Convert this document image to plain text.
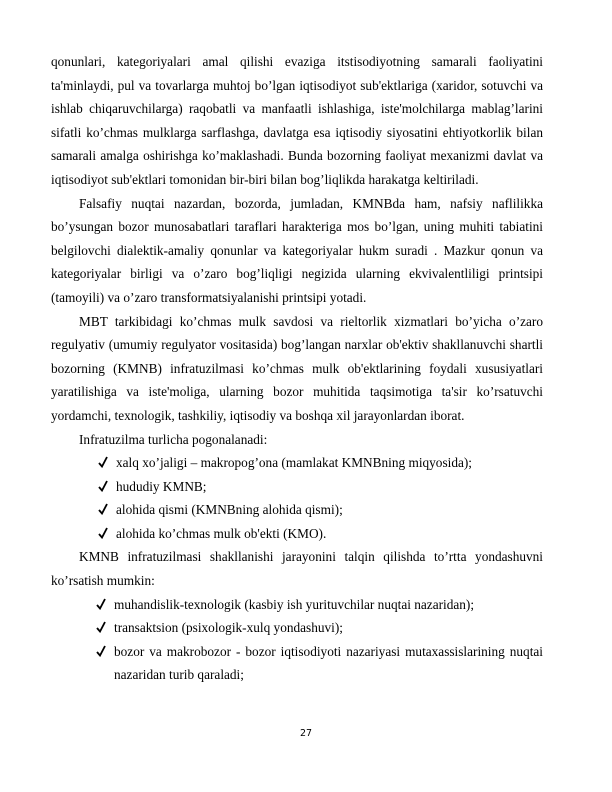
qonunlari, kategoriyalari amal qilishi evaziga itstisodiyotning samarali faoliyatini ta'minlaydi, pul va tovarlarga muhtoj bo’lgan iqtisodiyot sub'ektlariga (xaridor, sotuvchi va ishlab chiqaruvchilarga) raqobatli va manfaatli ishlashiga, iste'molchilarga mablag’larini sifatli ko’chmas mulklarga sarflashga, davlatga esa iqtisodiy siyosatini ehtiyotkorlik bilan samarali amalga oshirishga ko’maklashadi. Bunda bozorning faoliyat mexanizmi davlat va iqtisodiyot sub'ektlari tomonidan bir-biri bilan bog’liqlikda harakatga keltiriladi.

Falsafiy nuqtai nazardan, bozorda, jumladan, KMNBda ham, nafsiy naflilikka bo’ysungan bozor munosabatlari taraflari harakteriga mos bo’lgan, uning muhiti tabiatini belgilovchi dialektik-amaliy qonunlar va kategoriyalar hukm suradi . Mazkur qonun va kategoriyalar birligi va o’zaro bog’liqligi negizida ularning ekvivalentliligi printsipi (tamoyili) va o’zaro transformatsiyalanishi printsipi yotadi.

MBT tarkibidagi ko’chmas mulk savdosi va rieltorlik xizmatlari bo’yicha o’zaro regulyativ (umumiy regulyator vositasida) bog’langan narxlar ob'ektiv shakllanuvchi shartli bozorning (KMNB) infratuzilmasi ko’chmas mulk ob'ektlarining foydali xususiyatlari yaratilishiga va iste'moliga, ularning bozor muhitida taqsimotiga ta'sir ko’rsatuvchi yordamchi, texnologik, tashkiliy, iqtisodiy va boshqa xil jarayonlardan iborat.

Infratuzilma turlicha pogonalanadi:

xalq xo’jaligi – makropog’ona (mamlakat KMNBning miqyosida);
hududiy KMNB;
alohida qismi (KMNBning alohida qismi);
alohida ko’chmas mulk ob'ekti (KMO).

KMNB infratuzilmasi shakllanishi jarayonini talqin qilishda to’rtta yondashuvni ko’rsatish mumkin:

muhandislik-texnologik (kasbiy ish yurituvchilar nuqtai nazaridan);
transaktsion (psixologik-xulq yondashuvi);
bozor va makrobozor - bozor iqtisodiyoti nazariyasi mutaxassislarining nuqtai nazaridan turib qaraladi;
27
